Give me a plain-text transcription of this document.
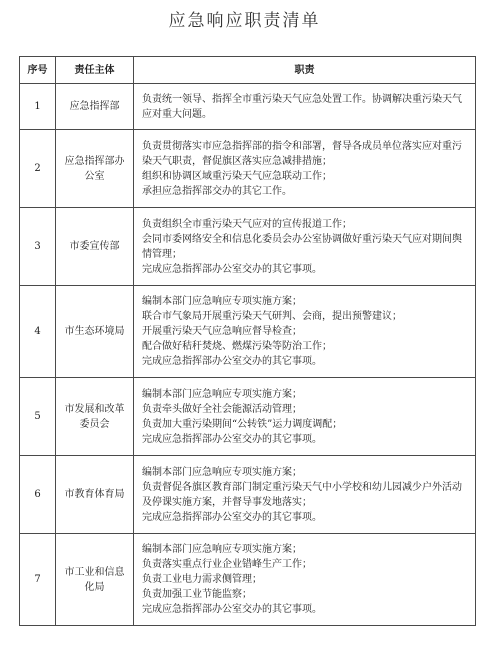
应急响应职责清单
序号	责任主体	职责
1	应急指挥部	负责统一领导、指挥全市重污染天气应急处置工作。协调解决重污染天气应对重大问题。

2	应急指挥部办公室	负责贯彻落实市应急指挥部的指令和部署，督导各成员单位落实应对重污染天气职责，督促旗区落实应急减排措施；
组织和协调区域重污染天气应急联动工作；
承担应急指挥部交办的其它工作。

3	市委宣传部	负责组织全市重污染天气应对的宣传报道工作；
会同市委网络安全和信息化委员会办公室协调做好重污染天气应对期间舆情管理；
完成应急指挥部办公室交办的其它事项。

4	市生态环境局	编制本部门应急响应专项实施方案；
联合市气象局开展重污染天气研判、会商，提出预警建议；
开展重污染天气应急响应督导检查；
配合做好秸秆焚烧、燃煤污染等防治工作；
完成应急指挥部办公室交办的其它事项。

5	市发展和改革委员会	编制本部门应急响应专项实施方案；
负责牵头做好全社会能源活动管理；
负责加大重污染期间“公转铁”运力调度调配；
完成应急指挥部办公室交办的其它事项。

6	市教育体育局	编制本部门应急响应专项实施方案；
负责督促各旗区教育部门制定重污染天气中小学校和幼儿园减少户外活动及停课实施方案，并督导事发地落实；
完成应急指挥部办公室交办的其它事项。

7	市工业和信息化局	编制本部门应急响应专项实施方案；
负责落实重点行业企业错峰生产工作；
负责工业电力需求侧管理；
负责加强工业节能监察；
完成应急指挥部办公室交办的其它事项。
